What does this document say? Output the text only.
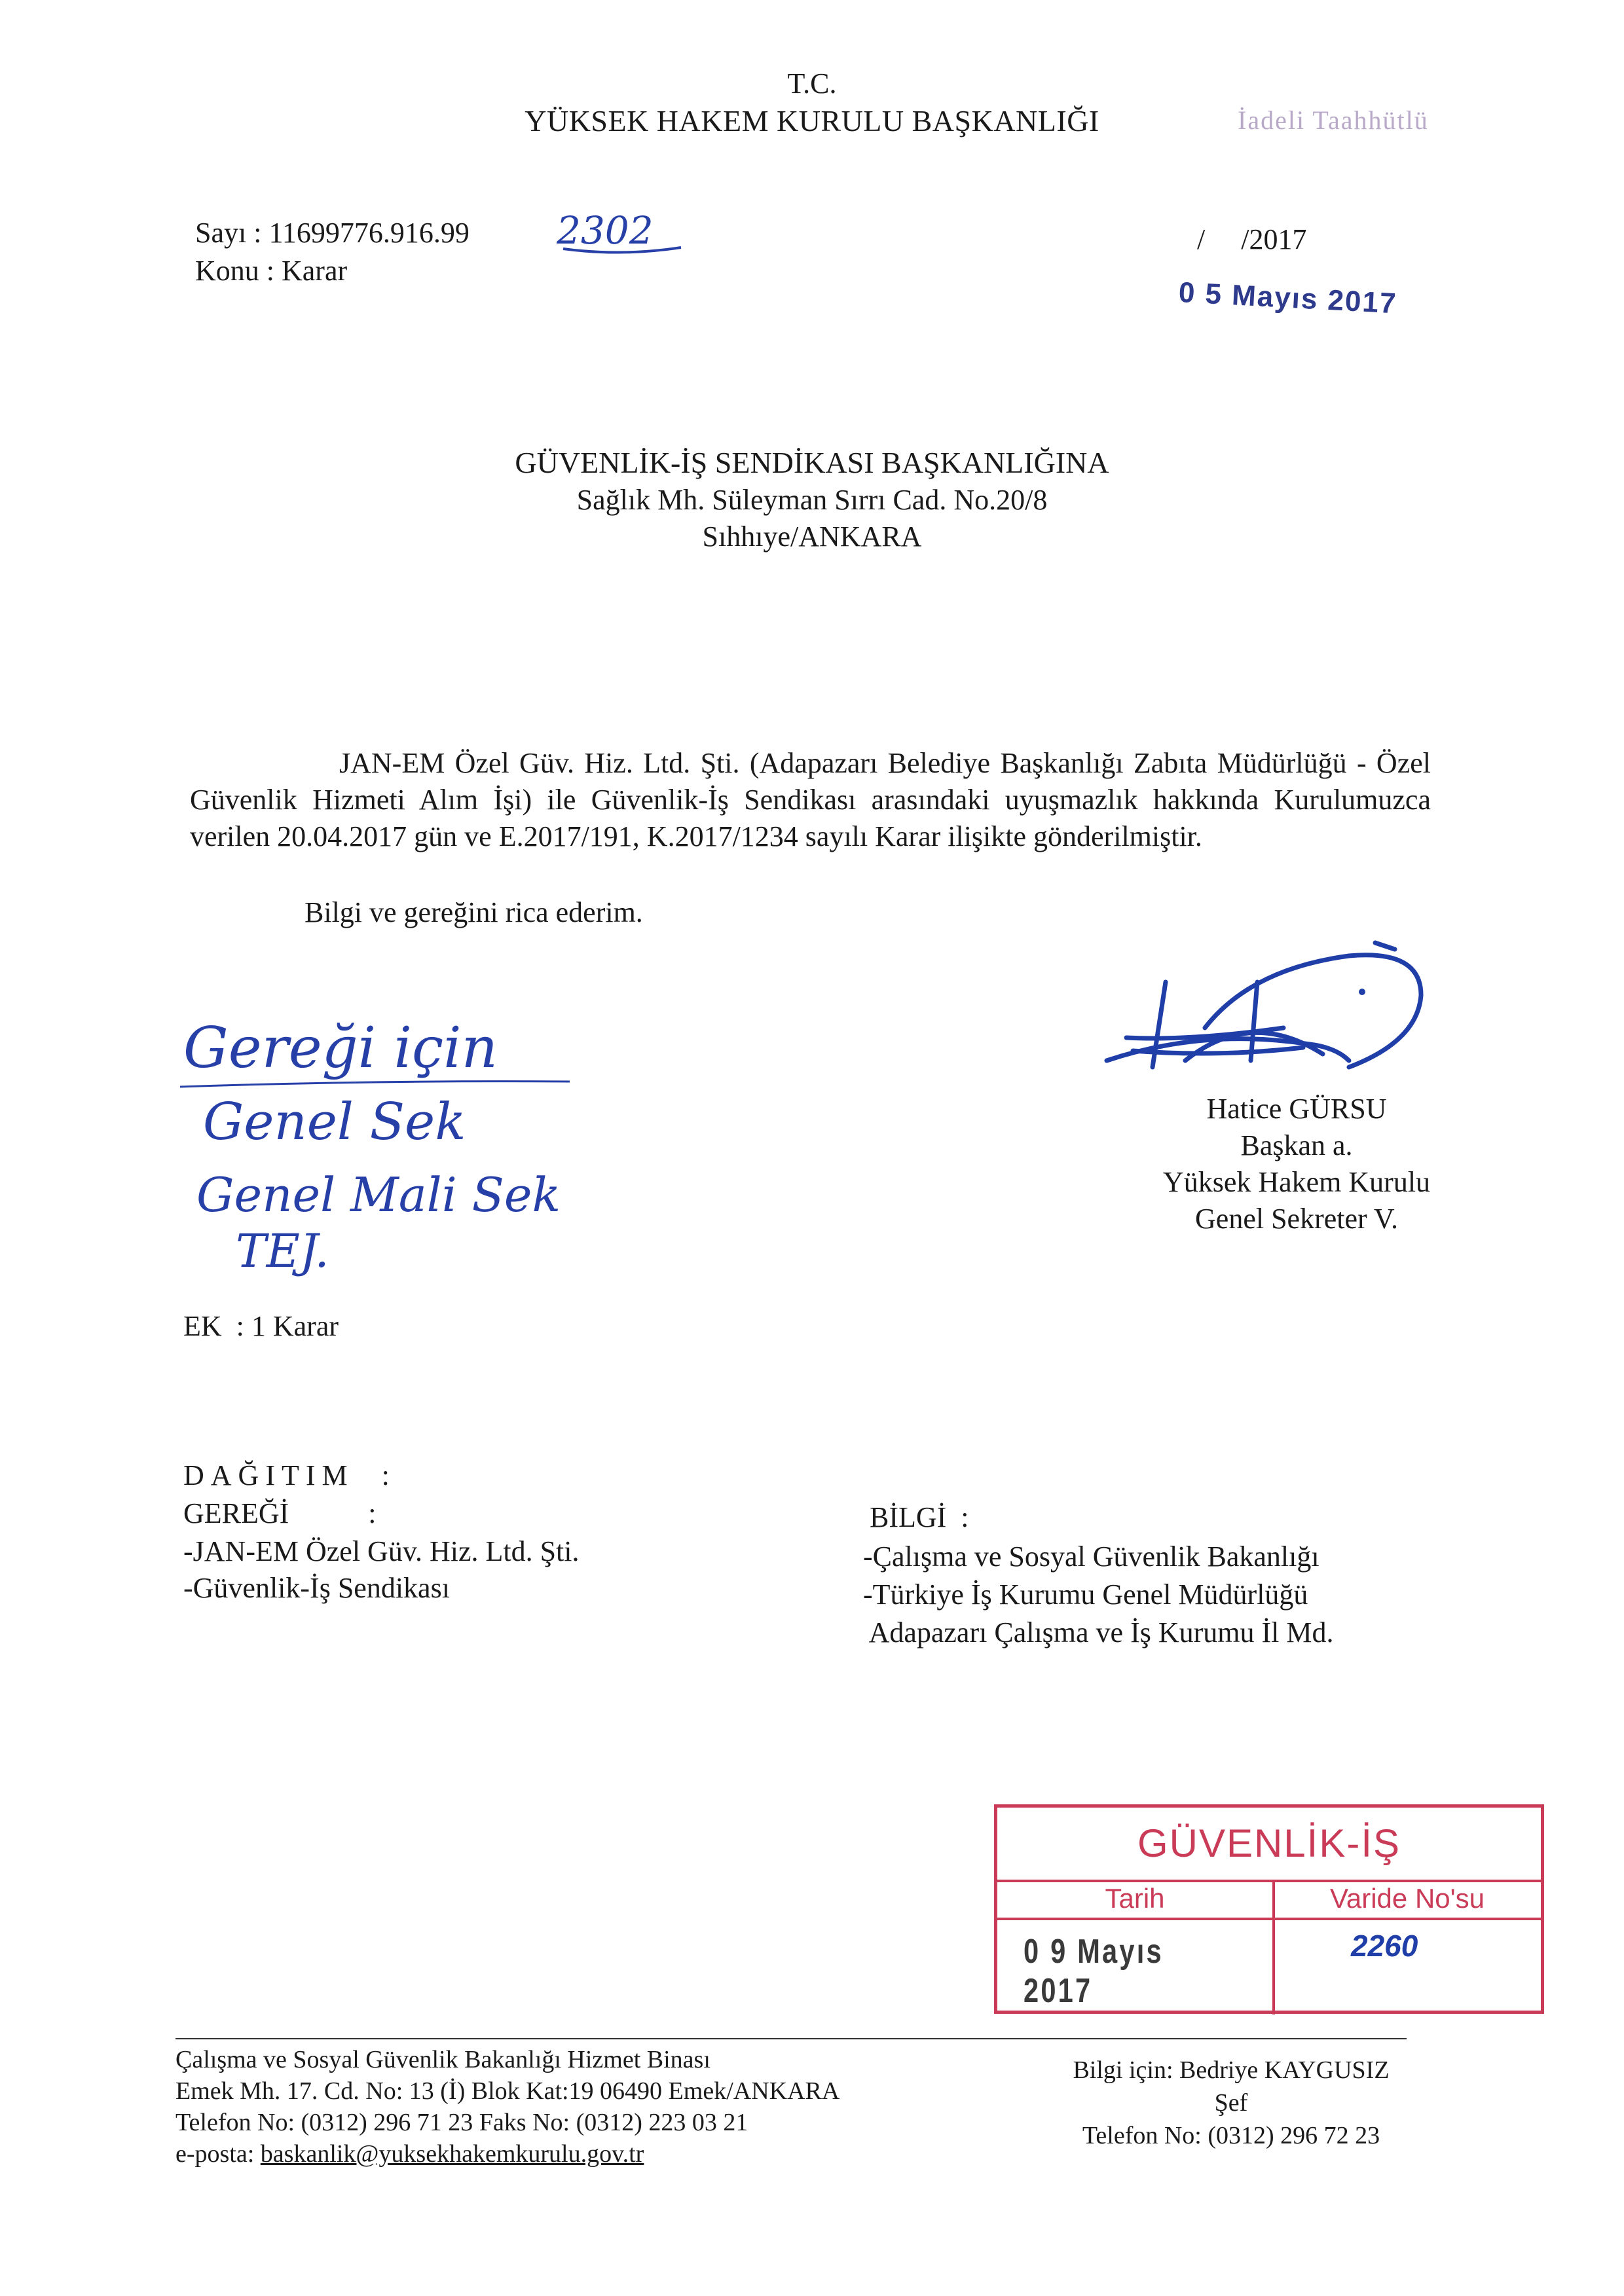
T.C.
YÜKSEK HAKEM KURULU BAŞKANLIĞI	İadeli Taahhütlü
Sayı : 11699776.916.99 2302
Konu : Karar
/     /2017
0 5 Mayıs 2017
GÜVENLİK-İŞ SENDİKASI BAŞKANLIĞINA
Sağlık Mh. Süleyman Sırrı Cad. No.20/8
Sıhhıye/ANKARA
JAN-EM Özel Güv. Hiz. Ltd. Şti. (Adapazarı Belediye Başkanlığı Zabıta Müdürlüğü - Özel Güvenlik Hizmeti Alım İşi) ile Güvenlik-İş Sendikası arasındaki uyuşmazlık hakkında Kurulumuzca verilen 20.04.2017 gün ve E.2017/191, K.2017/1234 sayılı Karar ilişikte gönderilmiştir.
Bilgi ve gereğini rica ederim.
Gereği için
Genel Sek
Genel Mali Sek
TEJ.
Hatice GÜRSU
Başkan a.
Yüksek Hakem Kurulu
Genel Sekreter V.
EK  : 1 Karar
DAĞITIM  :
GEREĞİ           :
-JAN-EM Özel Güv. Hiz. Ltd. Şti.
-Güvenlik-İş Sendikası
BİLGİ  :
-Çalışma ve Sosyal Güvenlik Bakanlığı
-Türkiye İş Kurumu Genel Müdürlüğü
Adapazarı Çalışma ve İş Kurumu İl Md.
GÜVENLİK-İŞ
Tarih
0 9 Mayıs 2017
Varide No'su
2260
Çalışma ve Sosyal Güvenlik Bakanlığı Hizmet Binası
Emek Mh. 17. Cd. No: 13 (İ) Blok Kat:19 06490 Emek/ANKARA
Telefon No: (0312) 296 71 23 Faks No: (0312) 223 03 21
e-posta: baskanlik@yuksekhakemkurulu.gov.tr
Bilgi için: Bedriye KAYGUSIZ
Şef
Telefon No: (0312) 296 72 23
